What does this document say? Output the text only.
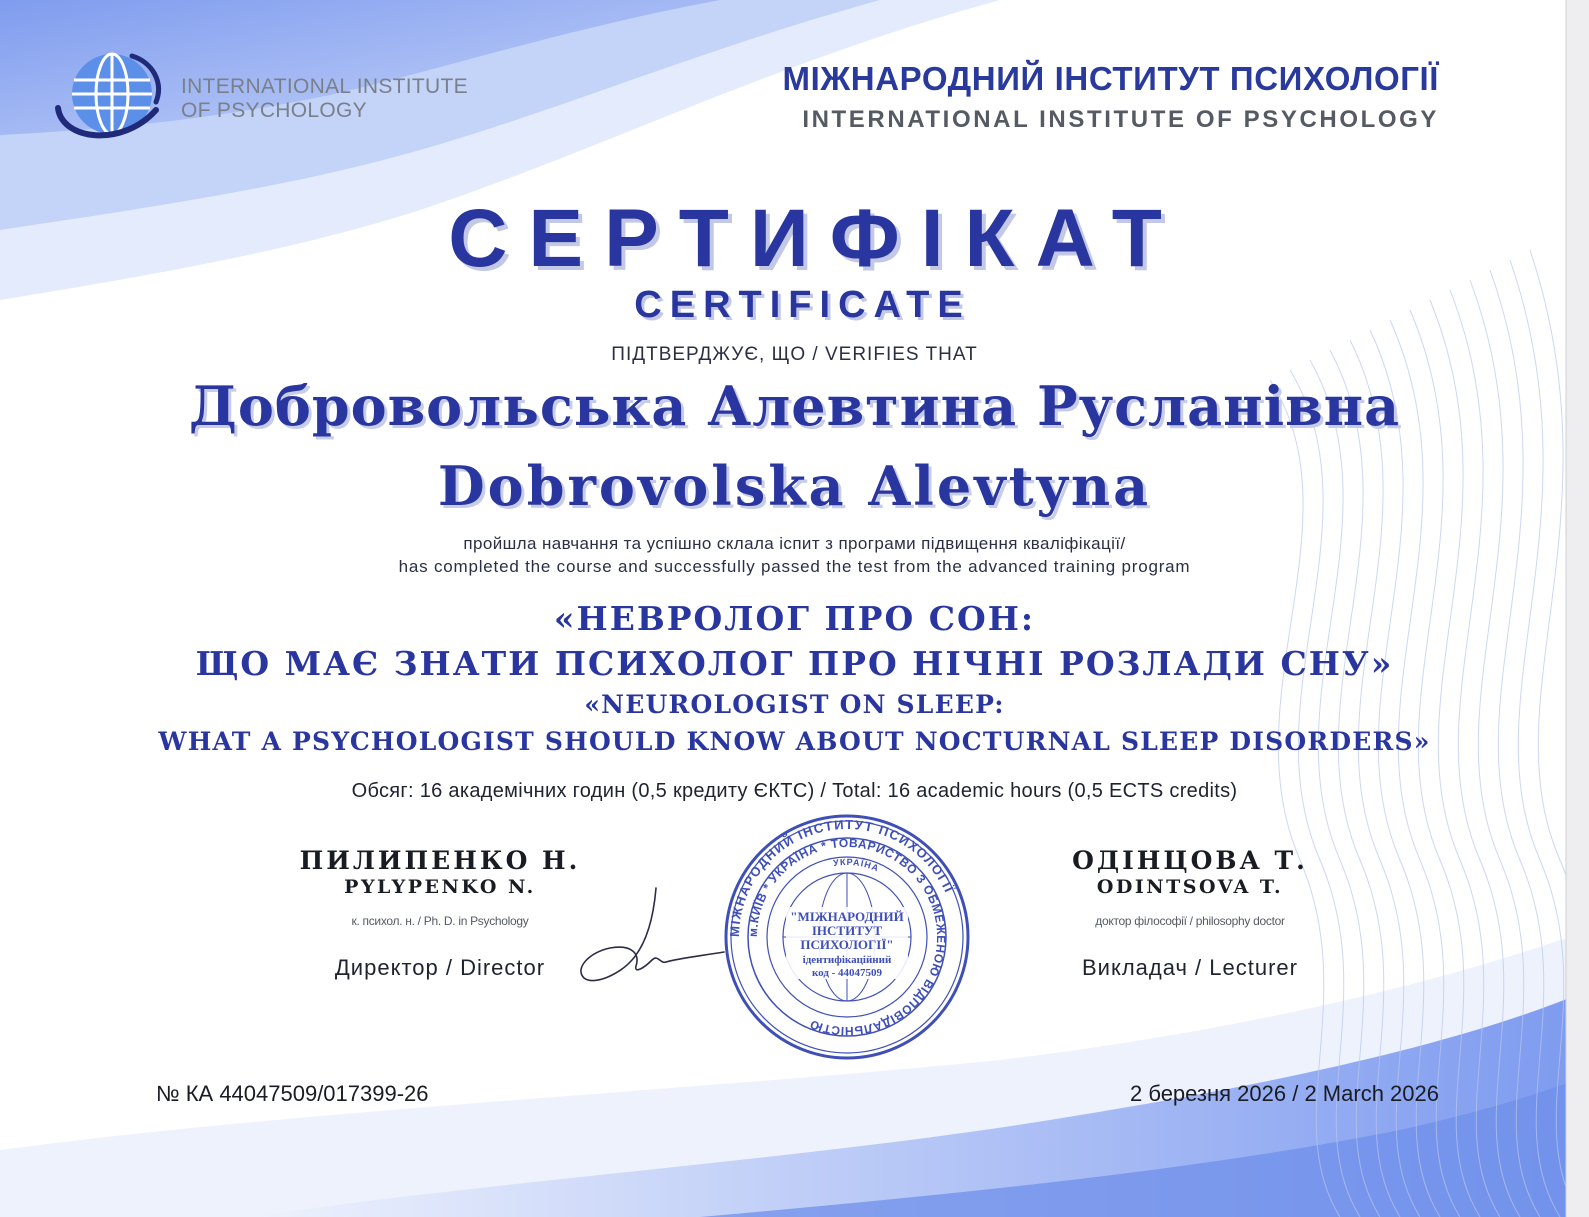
INTERNATIONAL INSTITUTE
OF PSYCHOLOGY
МІЖНАРОДНИЙ ІНСТИТУТ ПСИХОЛОГІЇ
INTERNATIONAL INSTITUTE OF PSYCHOLOGY
СЕРТИФІКАТ
CERTIFICATE
ПІДТВЕРДЖУЄ, ЩО / VERIFIES THAT
Добровольська Алевтина Русланівна
Dobrovolska Alevtyna
пройшла навчання та успішно склала іспит з програми підвищення кваліфікації/
has completed the course and successfully passed the test from the advanced training program
«НЕВРОЛОГ ПРО СОН:
ЩО МАЄ ЗНАТИ ПСИХОЛОГ ПРО НІЧНІ РОЗЛАДИ СНУ»
«NEUROLOGIST ON SLEEP:
WHAT A PSYCHOLOGIST SHOULD KNOW ABOUT NOCTURNAL SLEEP DISORDERS»
Обсяг: 16 академічних годин (0,5 кредиту ЄКТС) / Total: 16 academic hours (0,5 ECTS credits)
ПИЛИПЕНКО Н.
PYLYPENKO N.
к. психол. н. / Ph. D. in Psychology
Директор / Director
МІЖНАРОДНИЙ ІНСТИТУТ ПСИХОЛОГІЇ
м.КИЇВ * УКРАЇНА * ТОВАРИСТВО З ОБМЕЖЕНОЮ ВІДПОВІДАЛЬНІСТЮ
УКРАЇНА
"МІЖНАРОДНИЙ
ІНСТИТУТ
ПСИХОЛОГІЇ"
ідентифікаційний
код - 44047509
ОДІНЦОВА Т.
ODINTSOVA T.
доктор філософії / philosophy doctor
Викладач / Lecturer
№ КА 44047509/017399-26	2 березня 2026 / 2 March 2026
